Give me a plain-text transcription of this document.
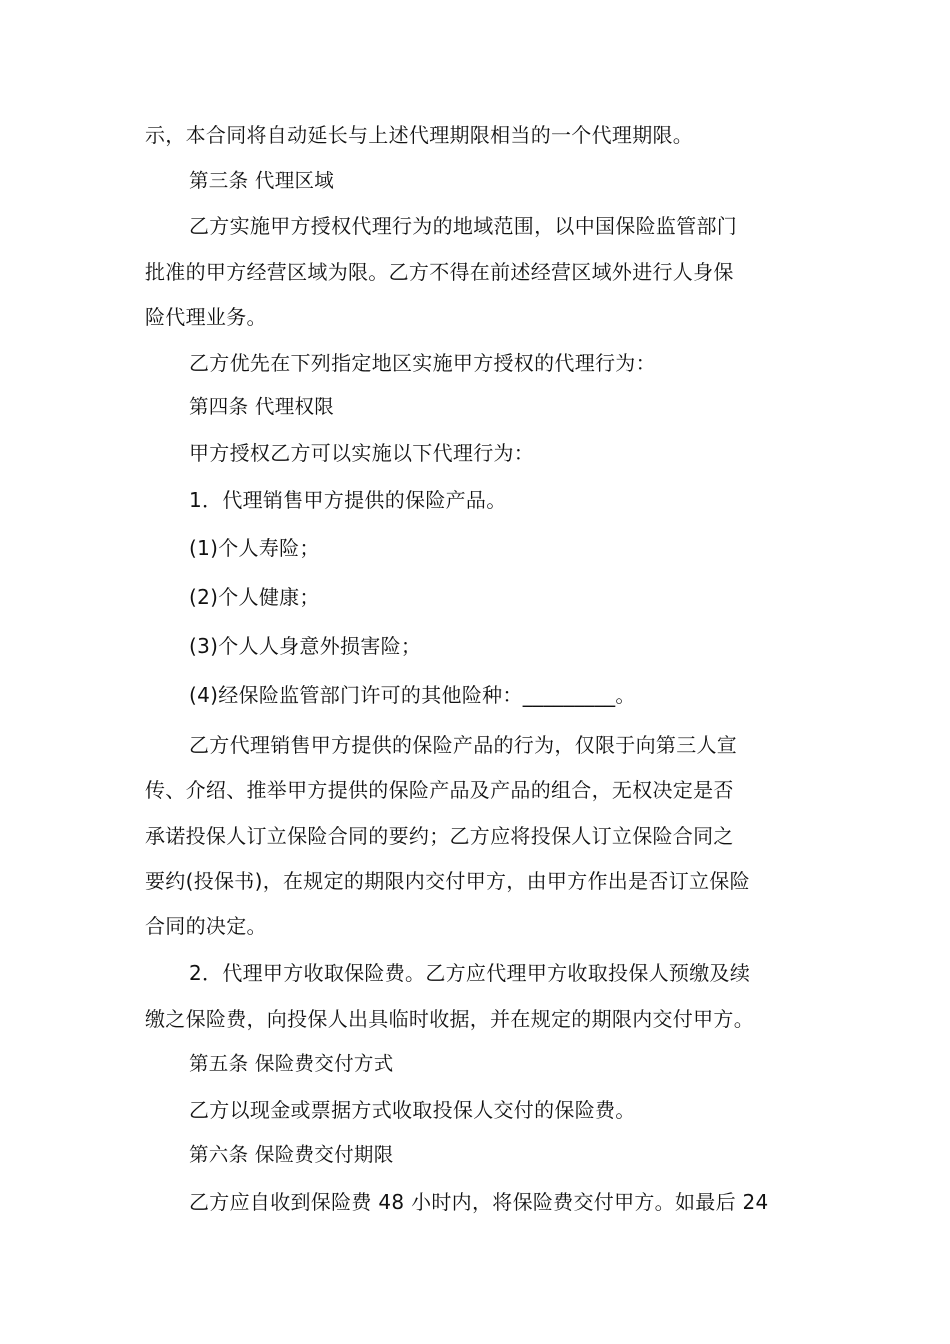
示，本合同将自动延长与上述代理期限相当的一个代理期限。
第三条 代理区域
乙方实施甲方授权代理行为的地域范围，以中国保险监管部门
批准的甲方经营区域为限。乙方不得在前述经营区域外进行人身保
险代理业务。
乙方优先在下列指定地区实施甲方授权的代理行为：
第四条 代理权限
甲方授权乙方可以实施以下代理行为：
1．代理销售甲方提供的保险产品。
(1)个人寿险；
(2)个人健康；
(3)个人人身意外损害险；
(4)经保险监管部门许可的其他险种：_________。
乙方代理销售甲方提供的保险产品的行为，仅限于向第三人宣
传、介绍、推举甲方提供的保险产品及产品的组合，无权决定是否
承诺投保人订立保险合同的要约；乙方应将投保人订立保险合同之
要约(投保书)，在规定的期限内交付甲方，由甲方作出是否订立保险
合同的决定。
2．代理甲方收取保险费。乙方应代理甲方收取投保人预缴及续
缴之保险费，向投保人出具临时收据，并在规定的期限内交付甲方。
第五条 保险费交付方式
乙方以现金或票据方式收取投保人交付的保险费。
第六条 保险费交付期限
乙方应自收到保险费 48 小时内，将保险费交付甲方。如最后 24
